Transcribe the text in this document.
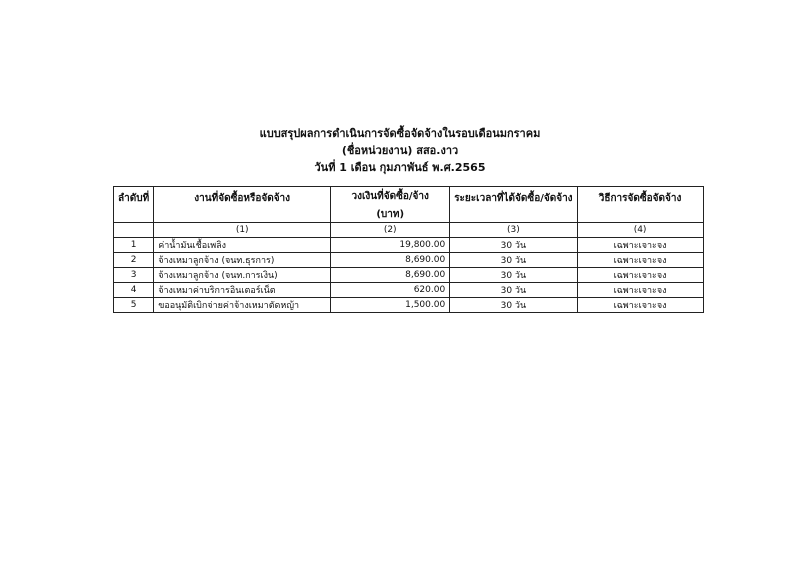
แบบสรุปผลการดำเนินการจัดซื้อจัดจ้างในรอบเดือนมกราคม
(ชื่อหน่วยงาน) สสอ.งาว
วันที่ 1 เดือน กุมภาพันธ์ พ.ศ.2565
ลำดับที่	งานที่จัดซื้อหรือจัดจ้าง	วงเงินที่จัดซื้อ/จ้าง	ระยะเวลาที่ได้จัดซื้อ/จัดจ้าง	วิธีการจัดซื้อจัดจ้าง
		(บาท)		
	(1)	(2)	(3)	(4)
1	ค่าน้ำมันเชื้อเพลิง	19,800.00	30 วัน	เฉพาะเจาะจง
2	จ้างเหมาลูกจ้าง (จนท.ธุรการ)	8,690.00	30 วัน	เฉพาะเจาะจง
3	จ้างเหมาลูกจ้าง (จนท.การเงิน)	8,690.00	30 วัน	เฉพาะเจาะจง
4	จ้างเหมาค่าบริการอินเตอร์เน็ต	620.00	30 วัน	เฉพาะเจาะจง
5	ขออนุมัติเบิกจ่ายค่าจ้างเหมาตัดหญ้า	1,500.00	30 วัน	เฉพาะเจาะจง
